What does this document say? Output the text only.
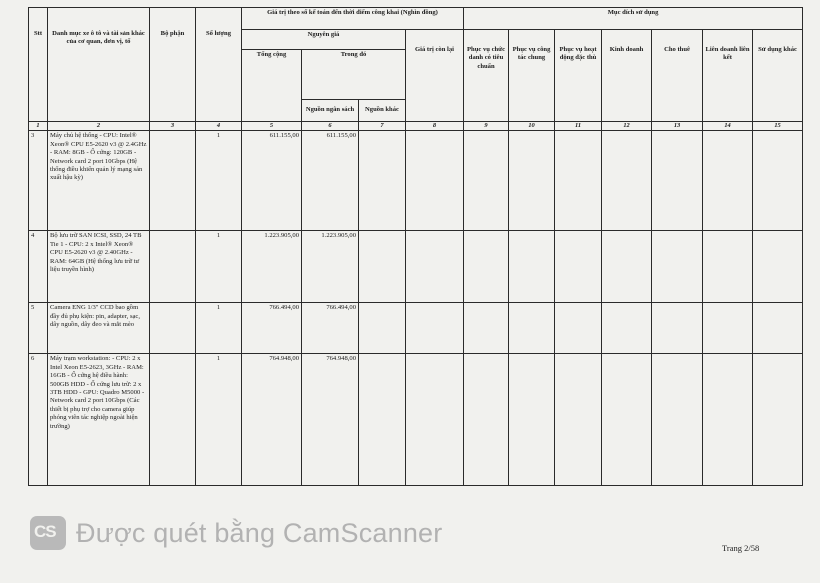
Stt	Danh mục xe ô tô và tài sản khác của cơ quan, đơn vị, tổ	Bộ phận	Số lượng	Giá trị theo số kế toán đến thời điểm công khai (Nghìn đồng)				Mục đích sử dụng						
				Nguyên giá			Giá trị còn lại	Phục vụ chức danh có tiêu chuẩn	Phục vụ công tác chung	Phục vụ hoạt động đặc thù	Kinh doanh	Cho thuê	Liên doanh liên kết	Sử dụng khác
				Tổng cộng	Trong đó									
					Nguồn ngân sách	Nguồn khác								
1	2	3	4	5	6	7	8	9	10	11	12	13	14	15
3	Máy chủ hệ thống - CPU: Intel® Xeon® CPU E5-2620 v3 @ 2.4GHz - RAM: 8GB - Ổ cứng: 120GB - Network card 2 port 10Gbps (Hệ thống điều khiển quản lý mạng sản xuất hậu kỳ)		1	611.155,00	611.155,00									
4	Bộ lưu trữ SAN ICSI, SSD, 24 TB Tie 1 - CPU: 2 x Intel® Xeon® CPU E5-2620 v3 @ 2.40GHz - RAM: 64GB (Hệ thống lưu trữ tư liệu truyền hình)		1	1.223.905,00	1.223.905,00									
5	Camera ENG 1/3" CCD bao gồm đầy đủ phụ kiện: pin, adapter, sạc, dây nguồn, dây đeo và mắt mèo		1	766.494,00	766.494,00									
6	Máy trạm workstation: - CPU: 2 x Intel Xeon E5-2623, 3GHz - RAM: 16GB - Ổ cứng hệ điều hành: 500GB HDD - Ổ cứng lưu trữ: 2 x 3TB HDD - GPU: Quadro M5000 - Network card 2 port 10Gbps (Các thiết bị phụ trợ cho camera giúp phóng viên tác nghiệp ngoài hiện trường)		1	764.948,00	764.948,00									
CS Được quét bằng CamScanner
Trang 2/58
